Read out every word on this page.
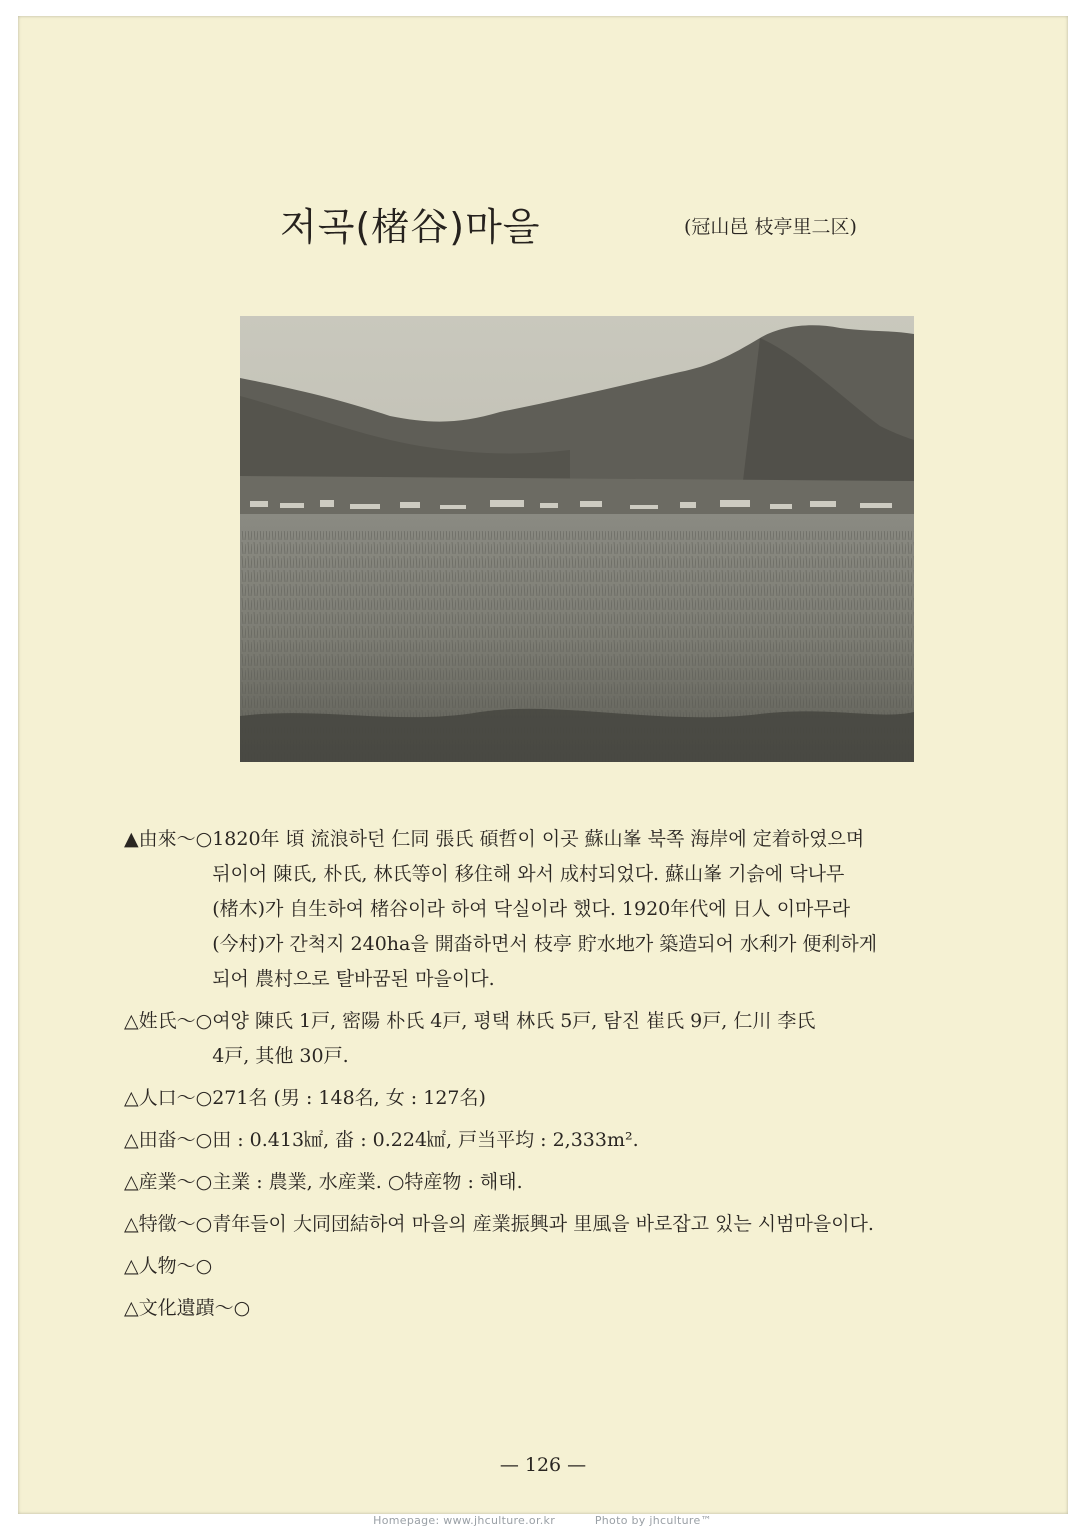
저곡(楮谷)마을	(冠山邑 枝亭里二区)
▲由來～○ 1820年 頃 流浪하던 仁同 張氏 碩哲이 이곳 蘇山峯 북쪽 海岸에 定着하였으며
뒤이어 陳氏, 朴氏, 林氏等이 移住해 와서 成村되었다. 蘇山峯 기슭에 닥나무
(楮木)가 自生하여 楮谷이라 하여 닥실이라 했다. 1920年代에 日人 이마무라
(今村)가 간척지 240ha을 開畓하면서 枝亭 貯水地가 築造되어 水利가 便利하게
되어 農村으로 탈바꿈된 마을이다.
△姓氏～○ 여양 陳氏 1戸, 密陽 朴氏 4戸, 평택 林氏 5戸, 탐진 崔氏 9戸, 仁川 李氏
4戸, 其他 30戸.
△人口～○ 271名 (男 : 148名, 女 : 127名)
△田畓～○ 田 : 0.413㎢, 畓 : 0.224㎢, 戸当平均 : 2,333m².
△産業～○ 主業 : 農業, 水産業. ○特産物 : 해태.
△特徵～○ 青年들이 大同団結하여 마을의 産業振興과 里風을 바로잡고 있는 시범마을이다.
△人物～○
△文化遺蹟～○
— 126 —
Homepage: www.jhculture.or.kr	Photo by jhculture™
